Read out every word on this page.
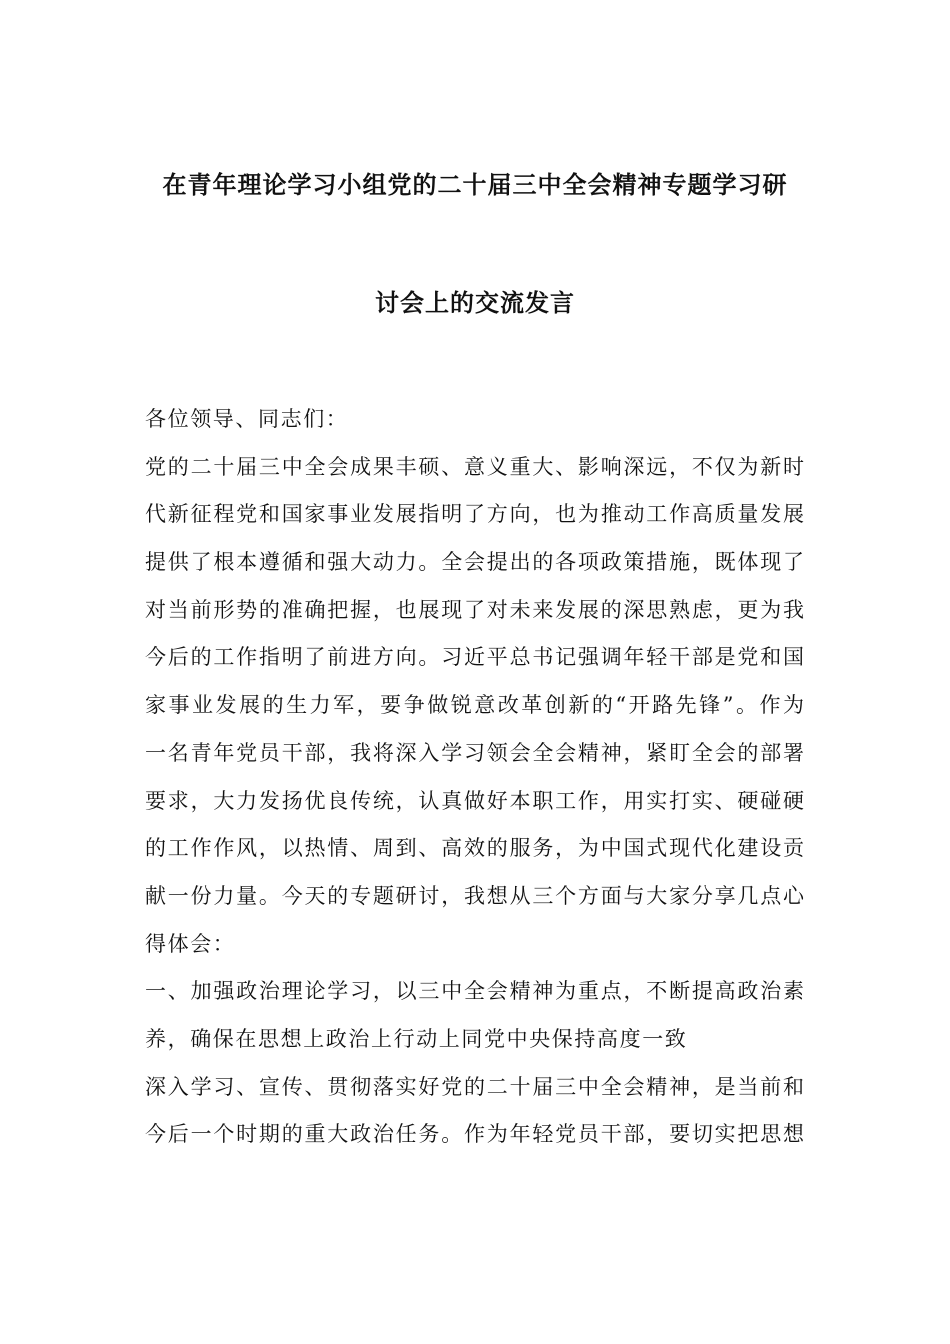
在青年理论学习小组党的二十届三中全会精神专题学习研
讨会上的交流发言
各位领导、同志们：
党的二十届三中全会成果丰硕、意义重大、影响深远，不仅为新时
代新征程党和国家事业发展指明了方向，也为推动工作高质量发展
提供了根本遵循和强大动力。全会提出的各项政策措施，既体现了
对当前形势的准确把握，也展现了对未来发展的深思熟虑，更为我
今后的工作指明了前进方向。习近平总书记强调年轻干部是党和国
家事业发展的生力军，要争做锐意改革创新的“开路先锋”。作为
一名青年党员干部，我将深入学习领会全会精神，紧盯全会的部署
要求，大力发扬优良传统，认真做好本职工作，用实打实、硬碰硬
的工作作风，以热情、周到、高效的服务，为中国式现代化建设贡
献一份力量。今天的专题研讨，我想从三个方面与大家分享几点心
得体会：
一、加强政治理论学习，以三中全会精神为重点，不断提高政治素
养，确保在思想上政治上行动上同党中央保持高度一致
深入学习、宣传、贯彻落实好党的二十届三中全会精神，是当前和
今后一个时期的重大政治任务。作为年轻党员干部，要切实把思想
